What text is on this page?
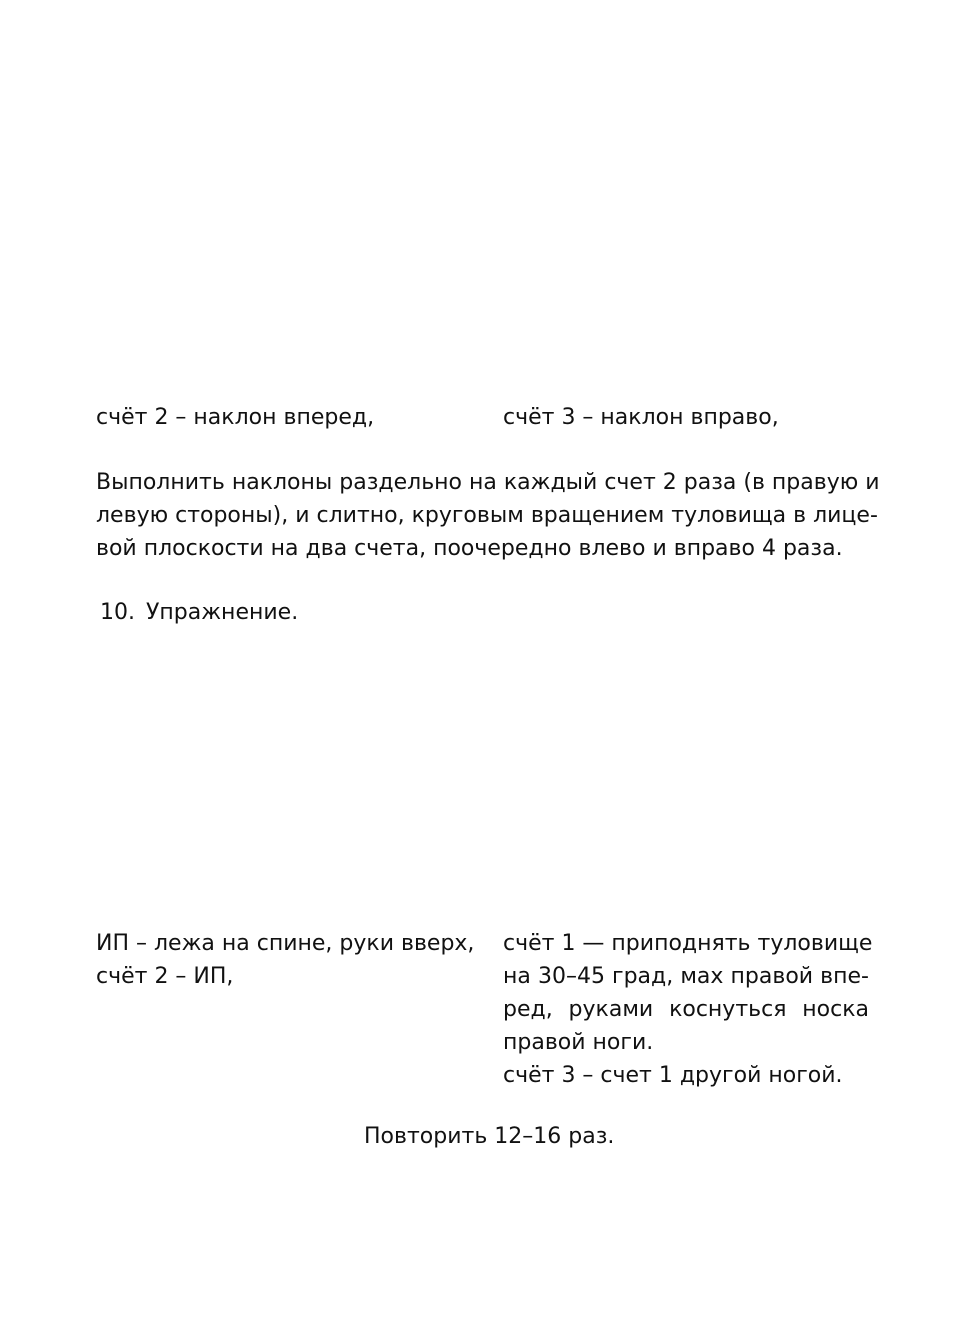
счёт 2 – наклон вперед,	счёт 3 – наклон вправо,
Выполнить наклоны раздельно на каждый счет 2 раза (в правую и
левую стороны), и слитно, круговым вращением туловища в лице-
вой плоскости на два счета, поочередно влево и вправо 4 раза.
10. Упражнение.
ИП – лежа на спине, руки вверх,
счёт 2 – ИП,
счёт 1 — приподнять туловище
на 30–45 град, мах правой впе-
ред, руками коснуться носка
правой ноги.
счёт 3 – счет 1 другой ногой.
Повторить 12–16 раз.
